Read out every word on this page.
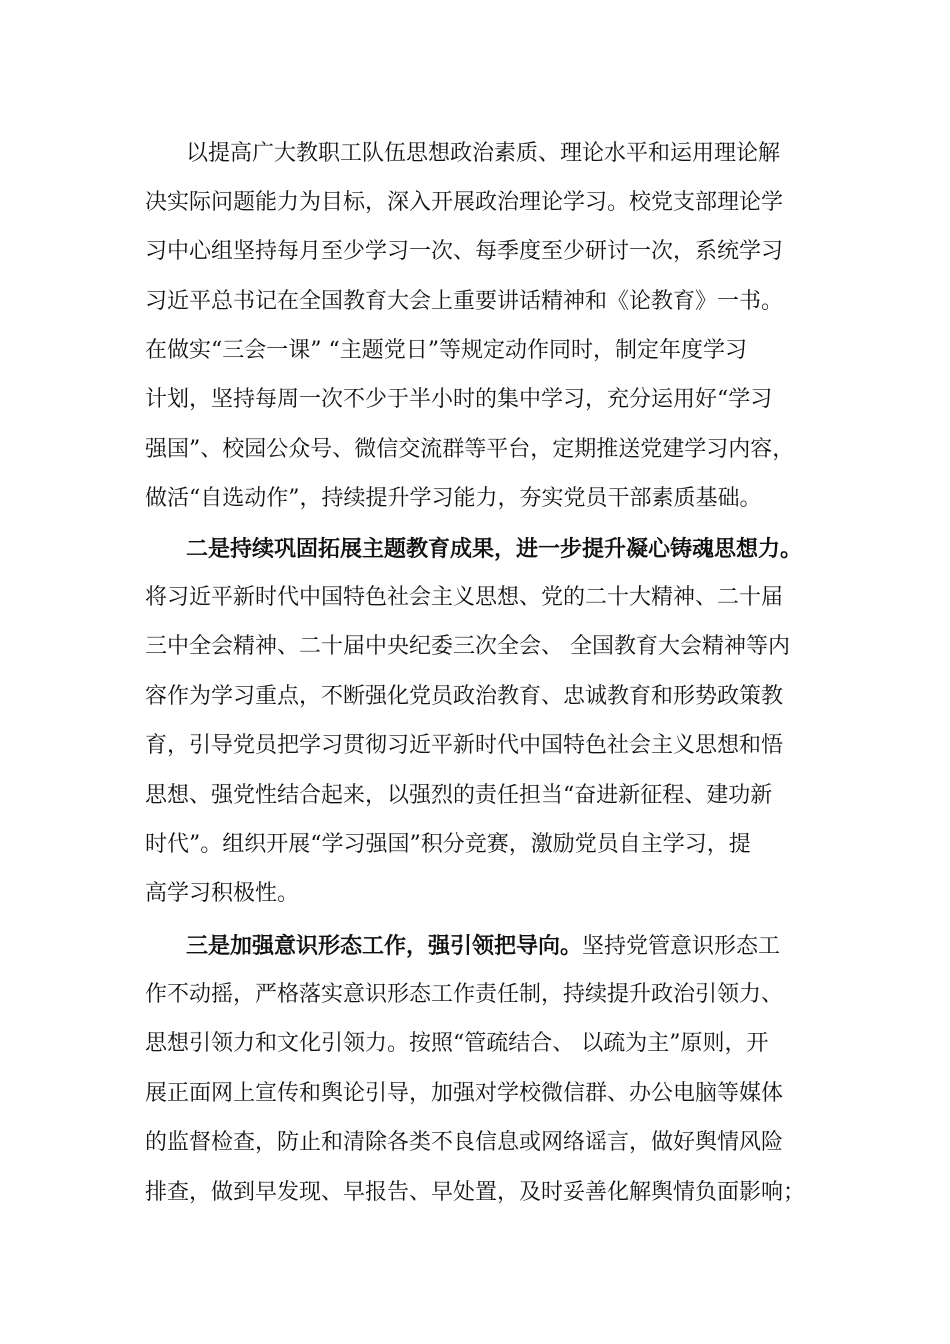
以提高广大教职工队伍思想政治素质、理论水平和运用理论解
决实际问题能力为目标，深入开展政治理论学习。校党支部理论学
习中心组坚持每月至少学习一次、每季度至少研讨一次，系统学习
习近平总书记在全国教育大会上重要讲话精神和《论教育》一书。
在做实“三会一课” “主题党日”等规定动作同时，制定年度学习
计划，坚持每周一次不少于半小时的集中学习，充分运用好“学习
强国”、校园公众号、微信交流群等平台，定期推送党建学习内容，
做活“自选动作”，持续提升学习能力，夯实党员干部素质基础。
二是持续巩固拓展主题教育成果，进一步提升凝心铸魂思想力。
将习近平新时代中国特色社会主义思想、党的二十大精神、二十届
三中全会精神、二十届中央纪委三次全会、 全国教育大会精神等内
容作为学习重点，不断强化党员政治教育、忠诚教育和形势政策教
育，引导党员把学习贯彻习近平新时代中国特色社会主义思想和悟
思想、强党性结合起来，以强烈的责任担当“奋进新征程、建功新
时代”。组织开展“学习强国”积分竞赛，激励党员自主学习，提
高学习积极性。
三是加强意识形态工作，强引领把导向。坚持党管意识形态工
作不动摇，严格落实意识形态工作责任制，持续提升政治引领力、
思想引领力和文化引领力。按照“管疏结合、 以疏为主”原则，开
展正面网上宣传和舆论引导，加强对学校微信群、办公电脑等媒体
的监督检查，防止和清除各类不良信息或网络谣言，做好舆情风险
排查，做到早发现、早报告、早处置，及时妥善化解舆情负面影响；
